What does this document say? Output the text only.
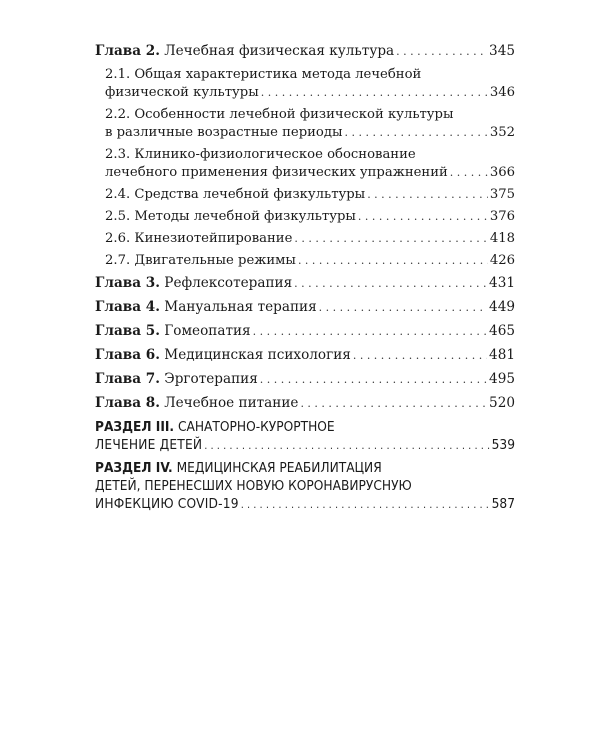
Глава 2. Лечебная физическая культура . . .	345
2.1. Общая характеристика метода лечебной
физической культуры . . .	346
2.2. Особенности лечебной физической культуры
в различные возрастные периоды . . .	352
2.3. Клинико-физиологическое обоснование
лечебного применения физических упражнений . . .	366
2.4. Средства лечебной физкультуры . . .	375
2.5. Методы лечебной физкультуры . . .	376
2.6. Кинезиотейпирование . . .	418
2.7. Двигательные режимы . . .	426
Глава 3. Рефлексотерапия . . .	431
Глава 4. Мануальная терапия . . .	449
Глава 5. Гомеопатия . . .	465
Глава 6. Медицинская психология . . .	481
Глава 7. Эрготерапия . . .	495
Глава 8. Лечебное питание . . .	520
РАЗДЕЛ III. САНАТОРНО-КУРОРТНОЕ
ЛЕЧЕНИЕ ДЕТЕЙ . . .	539
РАЗДЕЛ IV. МЕДИЦИНСКАЯ РЕАБИЛИТАЦИЯ
ДЕТЕЙ, ПЕРЕНЕСШИХ НОВУЮ КОРОНАВИРУСНУЮ
ИНФЕКЦИЮ COVID-19 . . .	587
